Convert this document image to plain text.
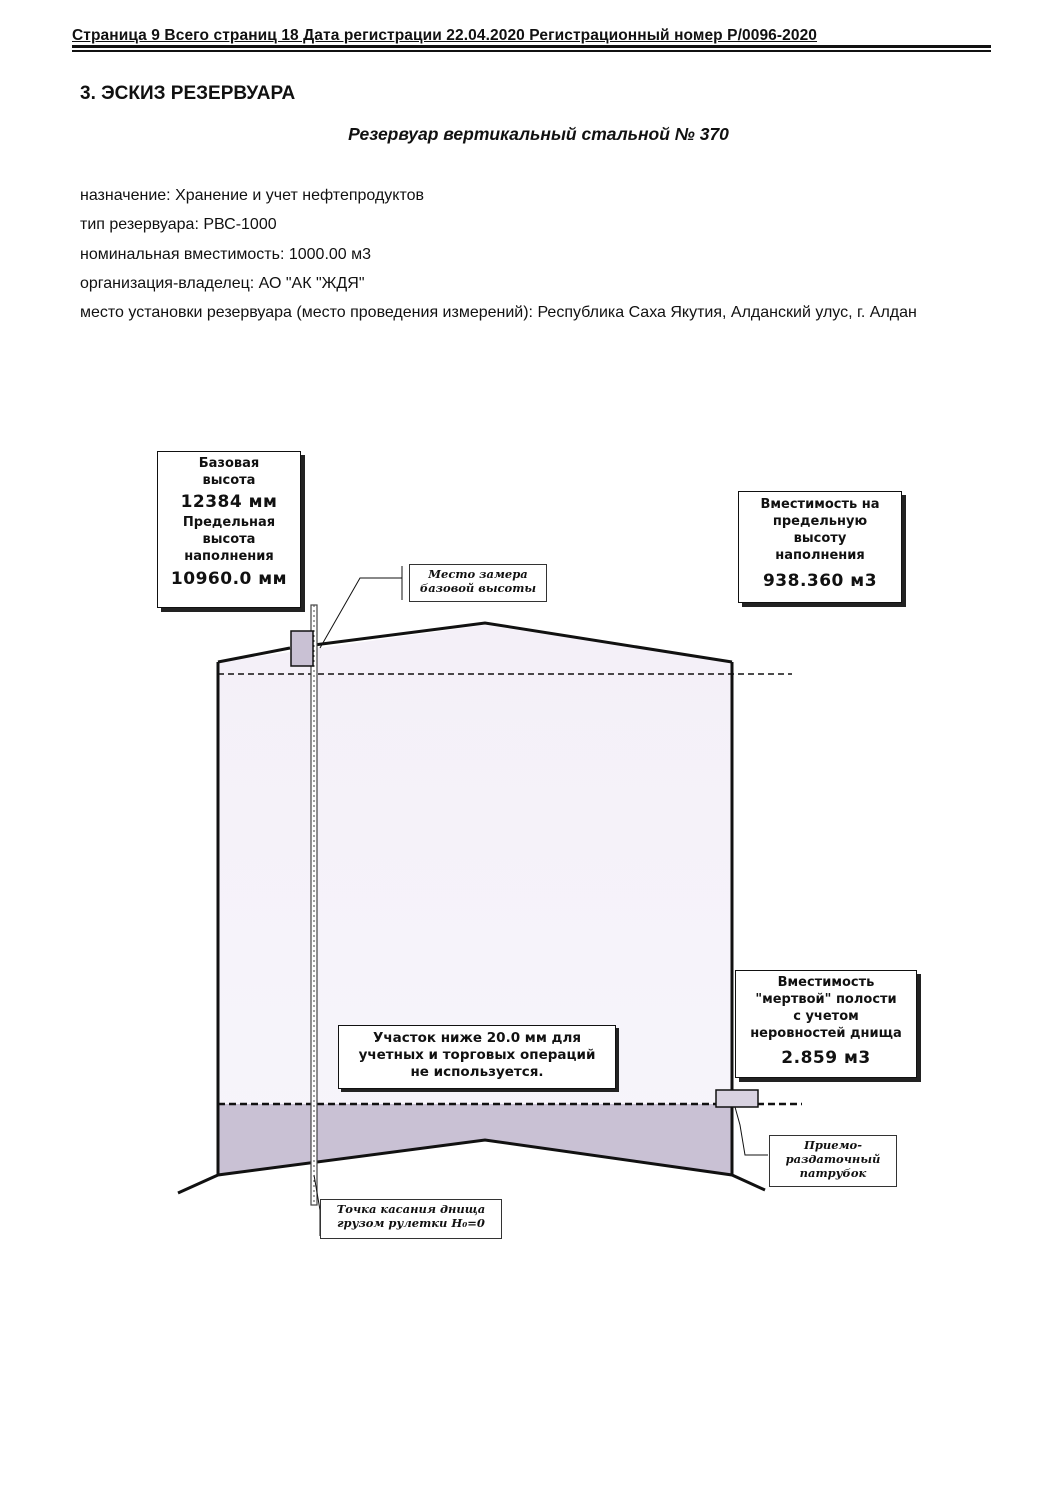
Страница 9 Всего страниц 18 Дата регистрации 22.04.2020 Регистрационный номер Р/0096-2020
3. ЭСКИЗ РЕЗЕРВУАРА
Резервуар вертикальный стальной № 370
назначение: Хранение и учет нефтепродуктов
тип резервуара: РВС-1000
номинальная вместимость: 1000.00 м3
организация-владелец: АО "АК "ЖДЯ"
место установки резервуара (место проведения измерений): Республика Саха Якутия, Алданский улус, г. Алдан
Базовая
высота
12384 мм
Предельная
высота
наполнения
10960.0 мм
Вместимость на
предельную
высоту
наполнения
938.360 м3
Место замера
базовой высоты
Вместимость
"мертвой" полости
с учетом
неровностей днища
2.859 м3
Участок ниже 20.0 мм для
учетных и торговых операций
не используется.
Приемо-
раздаточный
патрубок
Точка касания днища
грузом рулетки H₀=0
